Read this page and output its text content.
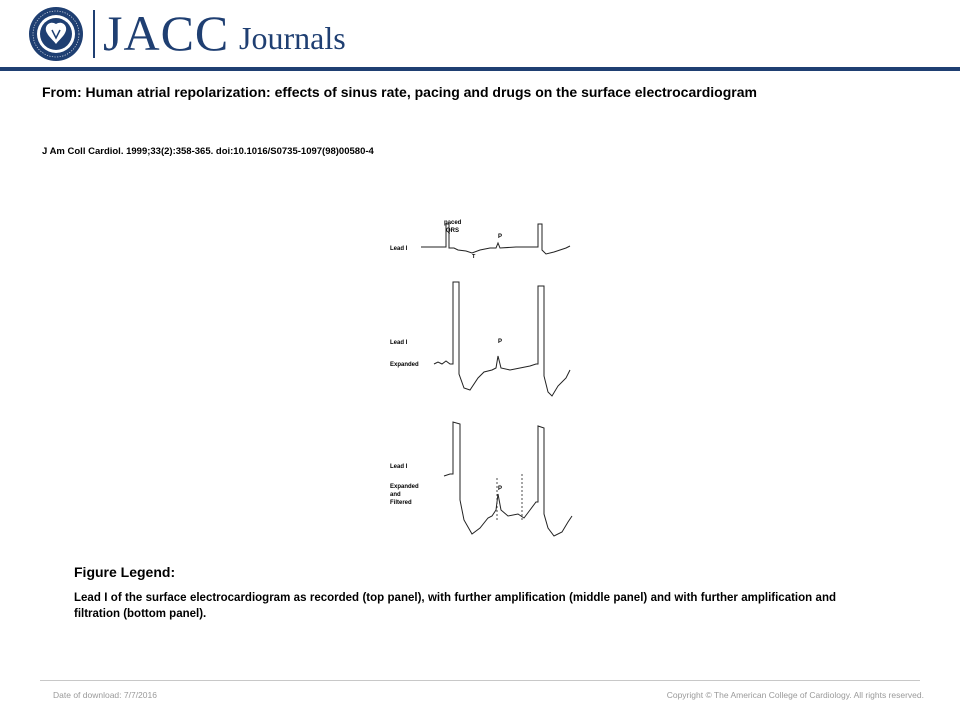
JACC Journals
From: Human atrial repolarization: effects of sinus rate, pacing and drugs on the surface electrocardiogram
J Am Coll Cardiol. 1999;33(2):358-365. doi:10.1016/S0735-1097(98)00580-4
Lead I
paced
QRS
T
P
Lead I
Expanded
P
Lead I
Expanded
and
Filtered
P
Figure Legend:
Lead I of the surface electrocardiogram as recorded (top panel), with further amplification (middle panel) and with further amplification and filtration (bottom panel).
Date of download: 7/7/2016	Copyright © The American College of Cardiology. All rights reserved.
